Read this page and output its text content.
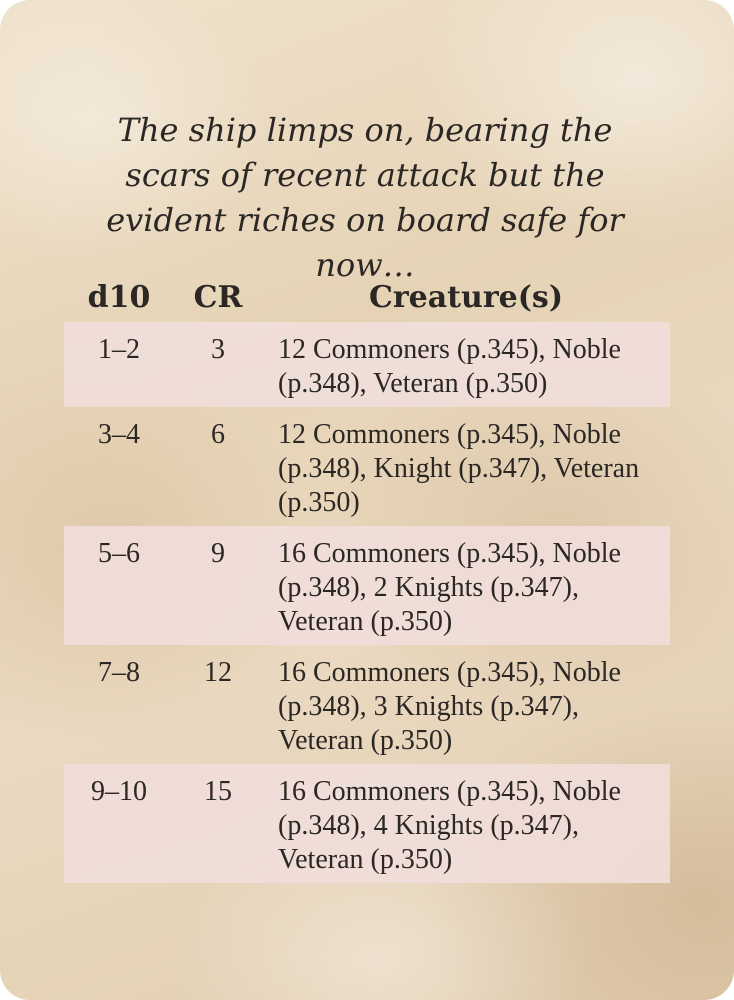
The ship limps on, bearing the scars of recent attack but the evident riches on board safe for now…

d10	CR	Creature(s)
1–2	3	12 Commoners (p.345), Noble (p.348), Veteran (p.350)
3–4	6	12 Commoners (p.345), Noble (p.348), Knight (p.347), Veteran (p.350)
5–6	9	16 Commoners (p.345), Noble (p.348), 2 Knights (p.347), Veteran (p.350)
7–8	12	16 Commoners (p.345), Noble (p.348), 3 Knights (p.347), Veteran (p.350)
9–10	15	16 Commoners (p.345), Noble (p.348), 4 Knights (p.347), Veteran (p.350)
